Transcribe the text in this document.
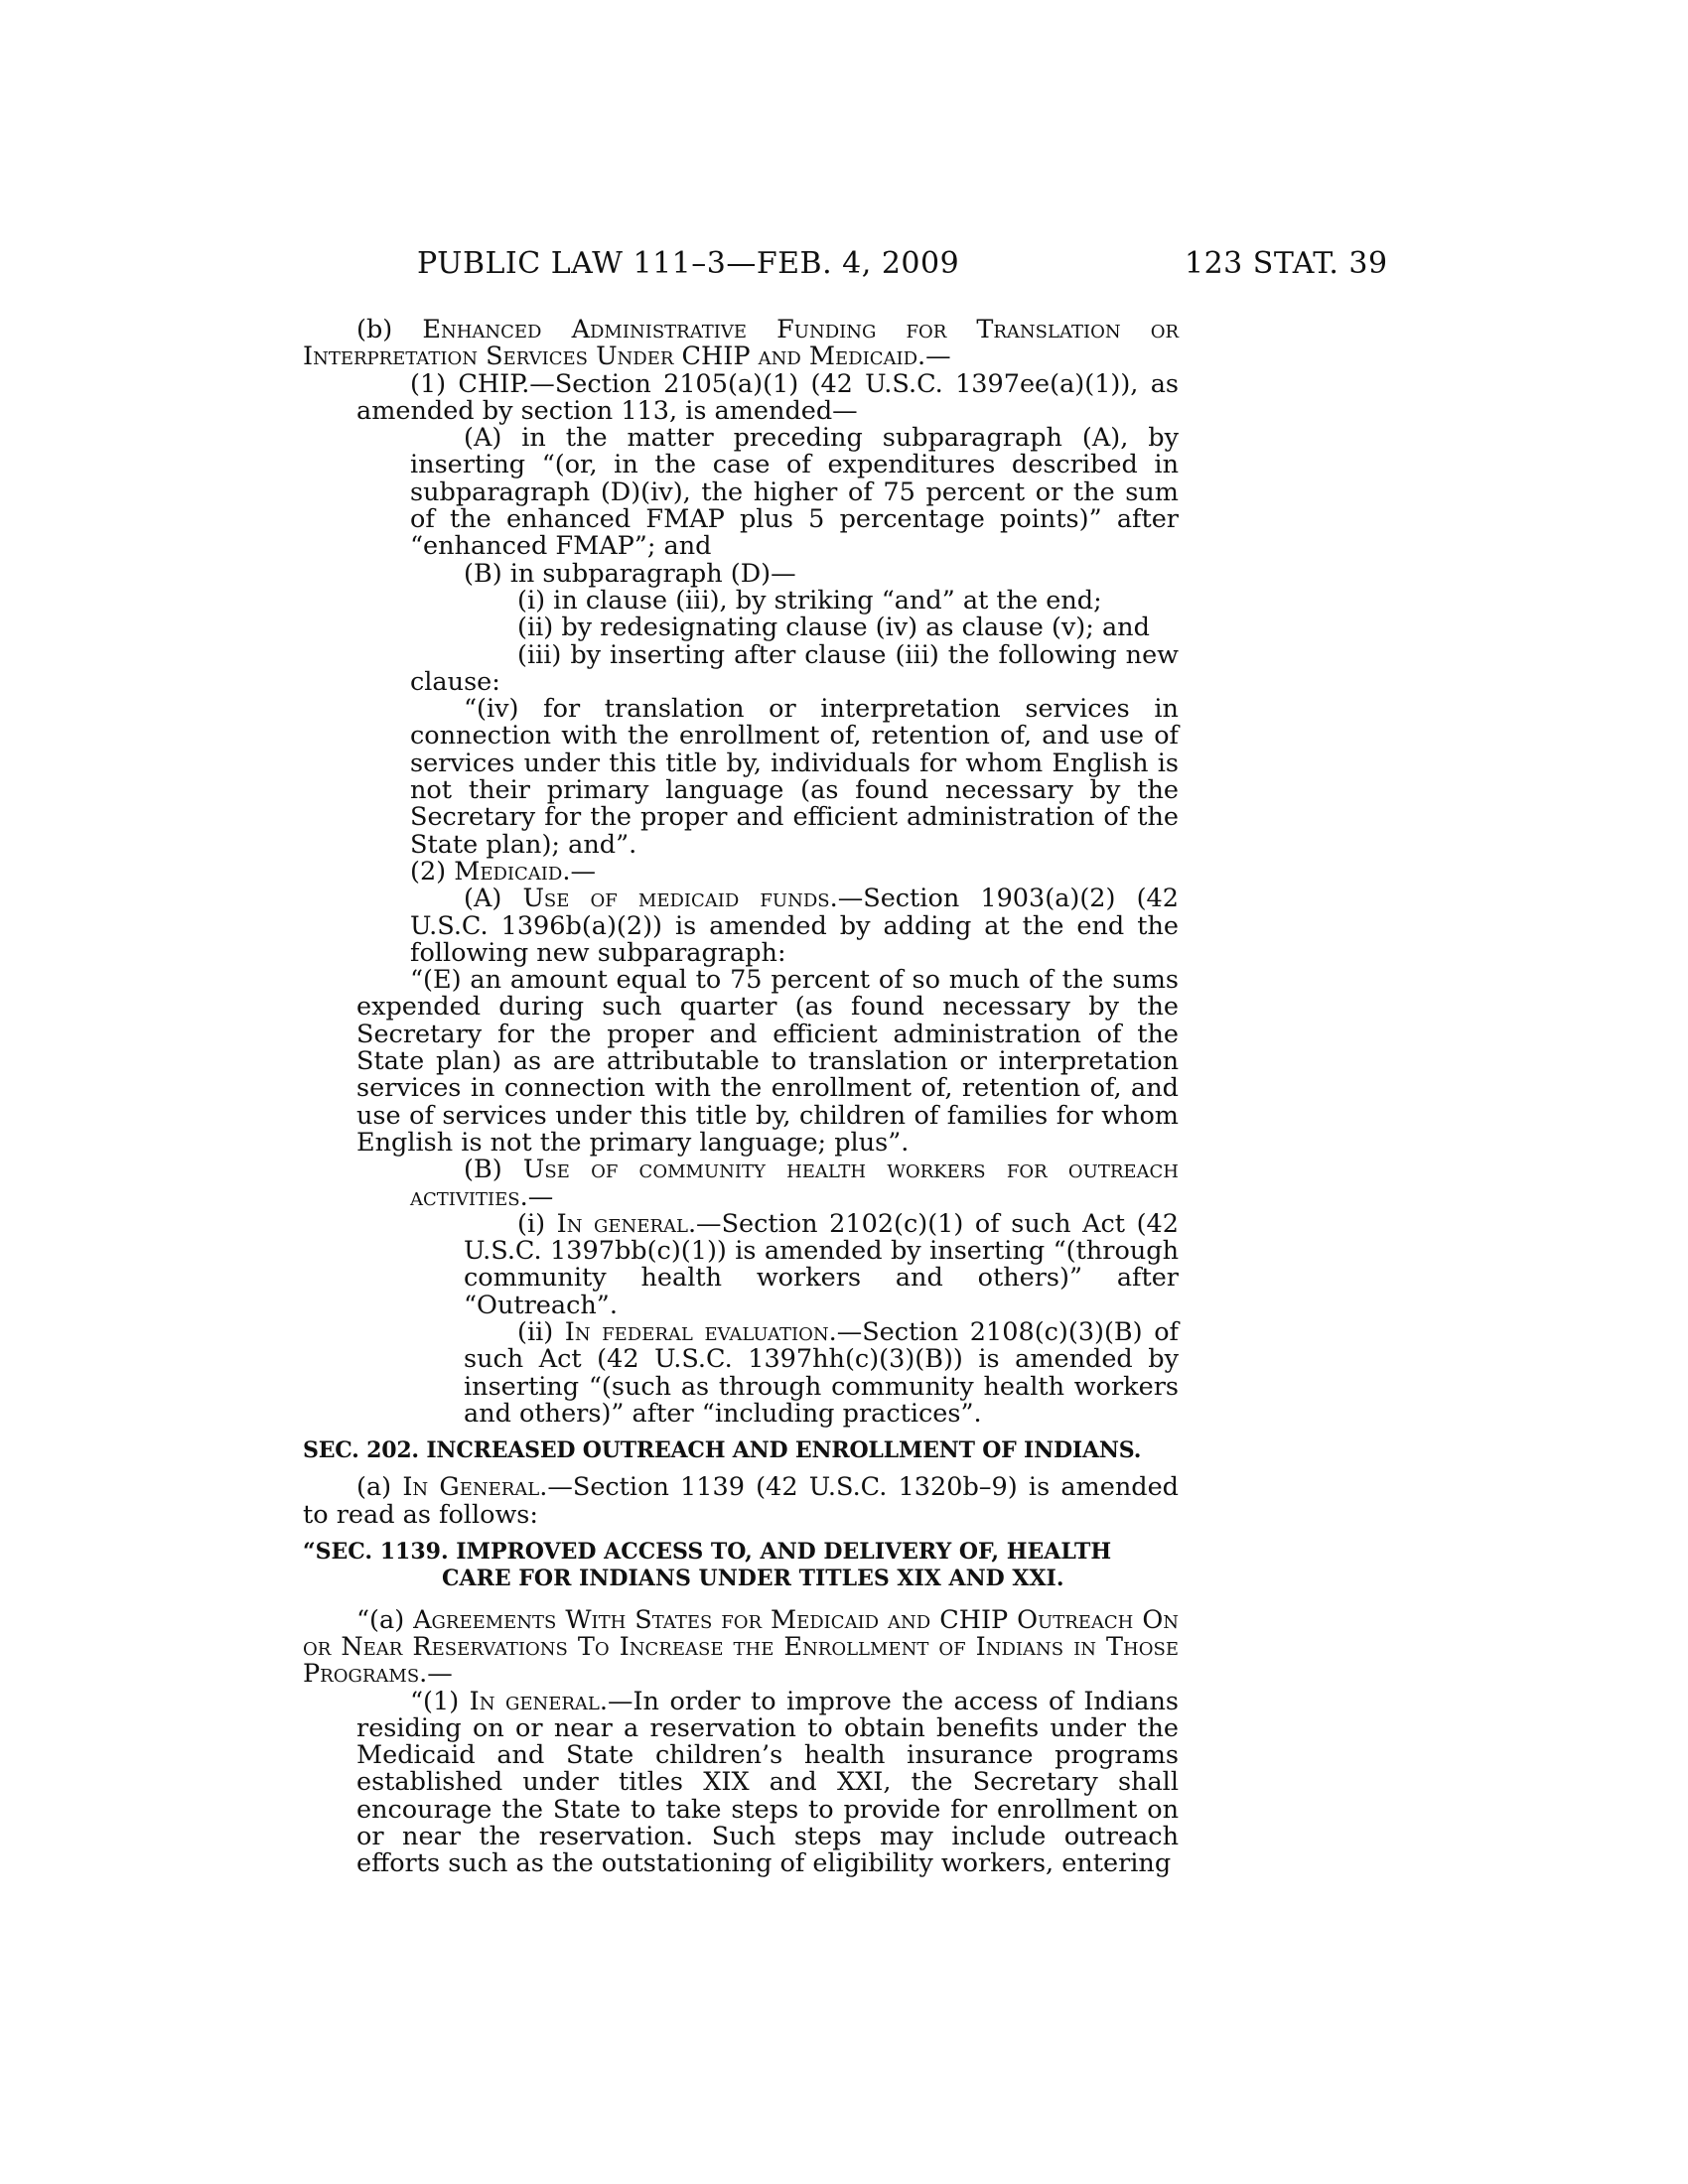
PUBLIC LAW 111–3—FEB. 4, 2009	123 STAT. 39

(b) Enhanced Administrative Funding for Translation or Interpretation Services Under CHIP and Medicaid.—

(1) CHIP.—Section 2105(a)(1) (42 U.S.C. 1397ee(a)(1)), as amended by section 113, is amended—

(A) in the matter preceding subparagraph (A), by inserting “(or, in the case of expenditures described in subparagraph (D)(iv), the higher of 75 percent or the sum of the enhanced FMAP plus 5 percentage points)” after “enhanced FMAP”; and

(B) in subparagraph (D)—

(i) in clause (iii), by striking “and” at the end;

(ii) by redesignating clause (iv) as clause (v); and

(iii) by inserting after clause (iii) the following new clause:

“(iv) for translation or interpretation services in connection with the enrollment of, retention of, and use of services under this title by, individuals for whom English is not their primary language (as found necessary by the Secretary for the proper and efficient administration of the State plan); and”.

(2) Medicaid.—

(A) Use of medicaid funds.—Section 1903(a)(2) (42 U.S.C. 1396b(a)(2)) is amended by adding at the end the following new subparagraph:

“(E) an amount equal to 75 percent of so much of the sums expended during such quarter (as found necessary by the Secretary for the proper and efficient administration of the State plan) as are attributable to translation or interpretation services in connection with the enrollment of, retention of, and use of services under this title by, children of families for whom English is not the primary language; plus”.

(B) Use of community health workers for outreach activities.—

(i) In general.—Section 2102(c)(1) of such Act (42 U.S.C. 1397bb(c)(1)) is amended by inserting “(through community health workers and others)” after “Outreach”.

(ii) In federal evaluation.—Section 2108(c)(3)(B) of such Act (42 U.S.C. 1397hh(c)(3)(B)) is amended by inserting “(such as through community health workers and others)” after “including practices”.

SEC. 202. INCREASED OUTREACH AND ENROLLMENT OF INDIANS.

(a) In General.—Section 1139 (42 U.S.C. 1320b–9) is amended to read as follows:

“SEC. 1139. IMPROVED ACCESS TO, AND DELIVERY OF, HEALTH CARE FOR INDIANS UNDER TITLES XIX AND XXI.

“(a) Agreements With States for Medicaid and CHIP Outreach On or Near Reservations To Increase the Enrollment of Indians in Those Programs.—

“(1) In general.—In order to improve the access of Indians residing on or near a reservation to obtain benefits under the Medicaid and State children’s health insurance programs established under titles XIX and XXI, the Secretary shall encourage the State to take steps to provide for enrollment on or near the reservation. Such steps may include outreach efforts such as the outstationing of eligibility workers, entering
